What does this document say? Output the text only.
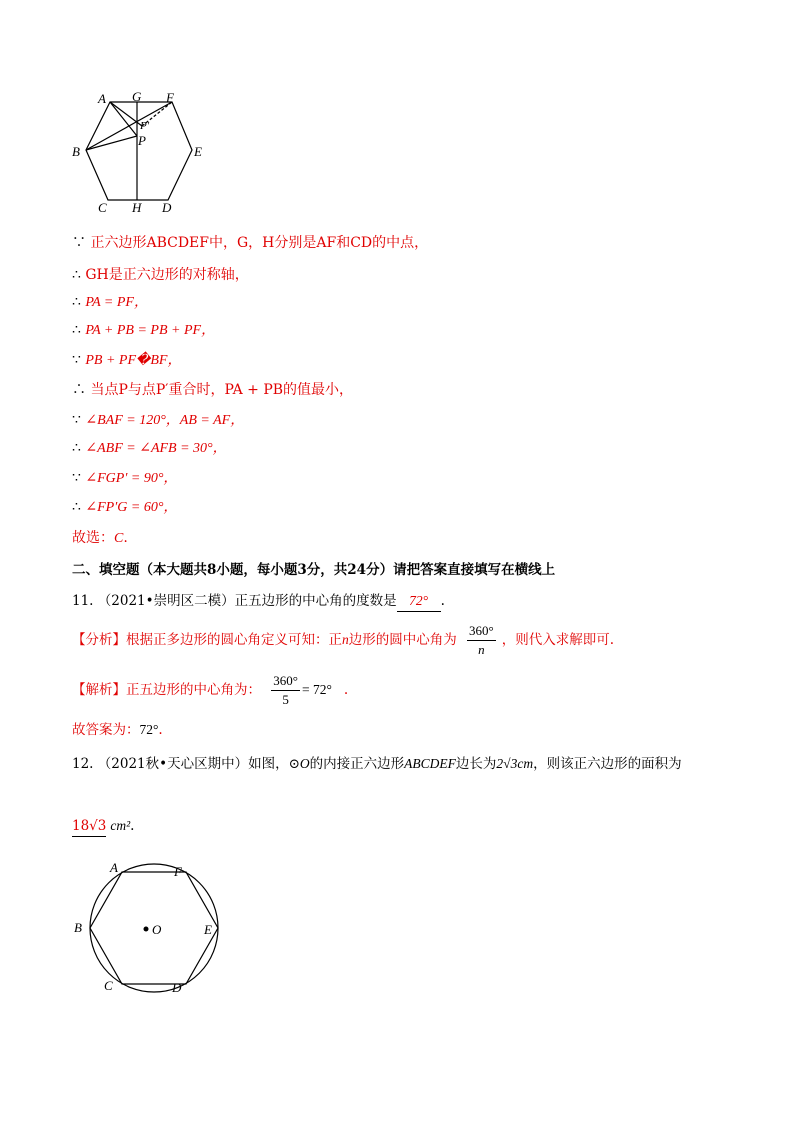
A G F
B
P
P'
E
C H D
∵ 正六边形ABCDEF中，G，H分别是AF和CD的中点，
∴ GH是正六边形的对称轴，
∴ PA = PF，
∴ PA + PB = PB + PF，
∵ PB + PF�BF，
∴ 当点P与点P′重合时，PA + PB的值最小，
∵ ∠BAF = 120°，AB = AF，
∴ ∠ABF = ∠AFB = 30°，
∵ ∠FGP′ = 90°，
∴ ∠FP′G = 60°，
故选：C.
二、填空题（本大题共8小题，每小题3分，共24分）请把答案直接填写在横线上
11. （2021•崇明区二模）正五边形的中心角的度数是 72° .
【分析】根据正多边形的圆心角定义可知：正n边形的圆中心角为 $\frac{360^\circ}{n}$ ，则代入求解即可.
【解析】正五边形的中心角为： $\frac{360^\circ}{5} = 72^\circ$ .
故答案为：72°.
12. （2021秋•天心区期中）如图，⊙O的内接正六边形ABCDEF边长为2√3cm，则该正六边形的面积为
18√3 cm².
A	F
B	O	E
C	D
